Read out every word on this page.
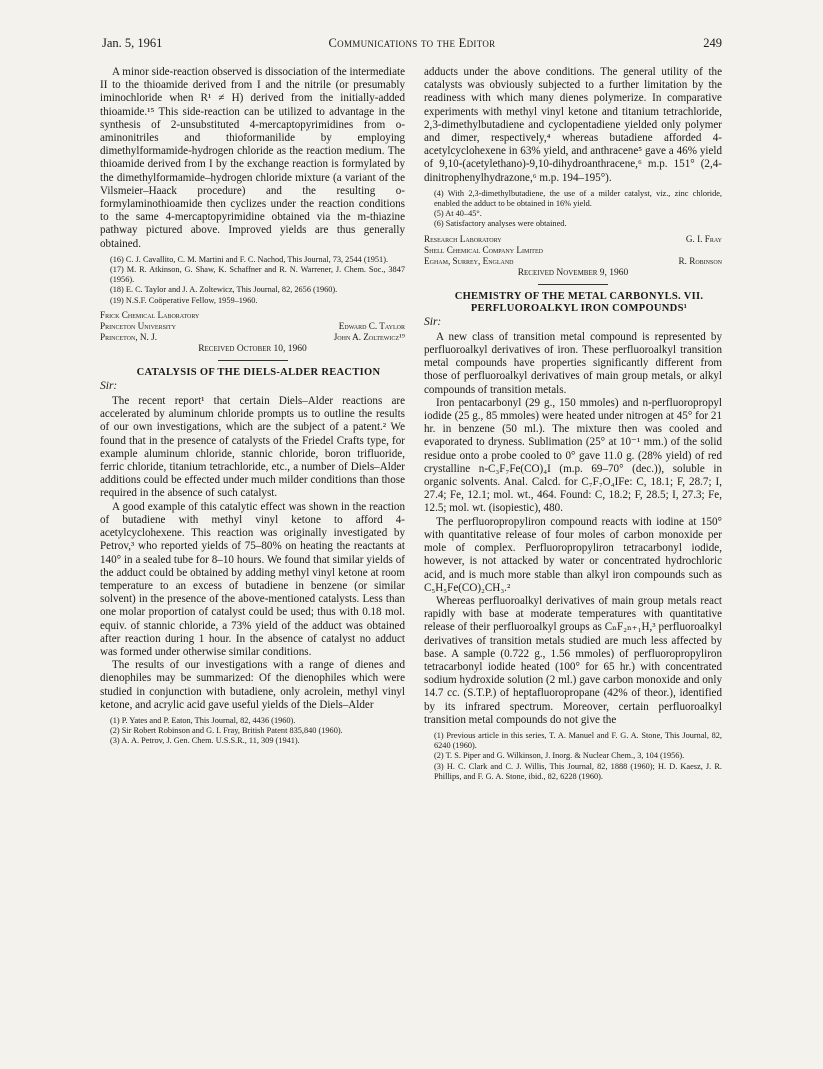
Jan. 5, 1961	Communications to the Editor	249

A minor side-reaction observed is dissociation of the intermediate II to the thioamide derived from I and the nitrile (or presumably iminochloride when R¹ ≠ H) derived from the initially-added thioamide.¹⁵ This side-reaction can be utilized to advantage in the synthesis of 2-unsubstituted 4-mercaptopyrimidines from o-aminonitriles and thioformanilide by employing dimethylformamide-hydrogen chloride as the reaction medium. The thioamide derived from I by the exchange reaction is formylated by the dimethylformamide–hydrogen chloride mixture (a variant of the Vilsmeier–Haack procedure) and the resulting o-formylaminothioamide then cyclizes under the reaction conditions to the same 4-mercaptopyrimidine obtained via the m-thiazine pathway pictured above. Improved yields are thus generally obtained.

(16) C. J. Cavallito, C. M. Martini and F. C. Nachod, This Journal, 73, 2544 (1951).

(17) M. R. Atkinson, G. Shaw, K. Schaffner and R. N. Warrener, J. Chem. Soc., 3847 (1956).

(18) E. C. Taylor and J. A. Zoltewicz, This Journal, 82, 2656 (1960).

(19) N.S.F. Coöperative Fellow, 1959–1960.

Frick Chemical Laboratory
Princeton University	Edward C. Taylor
Princeton, N. J.	John A. Zoltewicz¹⁹
Received October 10, 1960

CATALYSIS OF THE DIELS-ALDER REACTION

Sir:

The recent report¹ that certain Diels–Alder reactions are accelerated by aluminum chloride prompts us to outline the results of our own investigations, which are the subject of a patent.² We found that in the presence of catalysts of the Friedel Crafts type, for example aluminum chloride, stannic chloride, boron trifluoride, ferric chloride, titanium tetrachloride, etc., a number of Diels–Alder additions could be effected under much milder conditions than those required in the absence of such catalyst.

A good example of this catalytic effect was shown in the reaction of butadiene with methyl vinyl ketone to afford 4-acetylcyclohexene. This reaction was originally investigated by Petrov,³ who reported yields of 75–80% on heating the reactants at 140° in a sealed tube for 8–10 hours. We found that similar yields of the adduct could be obtained by adding methyl vinyl ketone at room temperature to an excess of butadiene in benzene (or similar solvent) in the presence of the above-mentioned catalysts. Less than one molar proportion of catalyst could be used; thus with 0.18 mol. equiv. of stannic chloride, a 73% yield of the adduct was obtained after reaction during 1 hour. In the absence of catalyst no adduct was formed under otherwise similar conditions.

The results of our investigations with a range of dienes and dienophiles may be summarized: Of the dienophiles which were studied in conjunction with butadiene, only acrolein, methyl vinyl ketone, and acrylic acid gave useful yields of the Diels–Alder

(1) P. Yates and P. Eaton, This Journal, 82, 4436 (1960).

(2) Sir Robert Robinson and G. I. Fray, British Patent 835,840 (1960).

(3) A. A. Petrov, J. Gen. Chem. U.S.S.R., 11, 309 (1941).

adducts under the above conditions. The general utility of the catalysts was obviously subjected to a further limitation by the readiness with which many dienes polymerize. In comparative experiments with methyl vinyl ketone and titanium tetrachloride, 2,3-dimethylbutadiene and cyclopentadiene yielded only polymer and dimer, respectively,⁴ whereas butadiene afforded 4-acetylcyclohexene in 63% yield, and anthracene⁵ gave a 46% yield of 9,10-(acetylethano)-9,10-dihydroanthracene,⁶ m.p. 151° (2,4-dinitrophenylhydrazone,⁶ m.p. 194–195°).

(4) With 2,3-dimethylbutadiene, the use of a milder catalyst, viz., zinc chloride, enabled the adduct to be obtained in 16% yield.

(5) At 40–45°.

(6) Satisfactory analyses were obtained.

Research Laboratory	G. I. Fray
Shell Chemical Company Limited
Egham, Surrey, England	R. Robinson
Received November 9, 1960

CHEMISTRY OF THE METAL CARBONYLS. VII.

PERFLUOROALKYL IRON COMPOUNDS¹

Sir:

A new class of transition metal compound is represented by perfluoroalkyl derivatives of iron. These perfluoroalkyl transition metal compounds have properties significantly different from those of perfluoroalkyl derivatives of main group metals, or alkyl compounds of transition metals.

Iron pentacarbonyl (29 g., 150 mmoles) and n-perfluoropropyl iodide (25 g., 85 mmoles) were heated under nitrogen at 45° for 21 hr. in benzene (50 ml.). The mixture then was cooled and evaporated to dryness. Sublimation (25° at 10⁻¹ mm.) of the solid residue onto a probe cooled to 0° gave 11.0 g. (28% yield) of red crystalline n-C₃F₇Fe(CO)₄I (m.p. 69–70° (dec.)), soluble in organic solvents. Anal. Calcd. for C₇F₇O₄IFe: C, 18.1; F, 28.7; I, 27.4; Fe, 12.1; mol. wt., 464. Found: C, 18.2; F, 28.5; I, 27.3; Fe, 12.5; mol. wt. (isopiestic), 480.

The perfluoropropyliron compound reacts with iodine at 150° with quantitative release of four moles of carbon monoxide per mole of complex. Perfluoropropyliron tetracarbonyl iodide, however, is not attacked by water or concentrated hydrochloric acid, and is much more stable than alkyl iron compounds such as C₅H₅Fe(CO)₂CH₃.²

Whereas perfluoroalkyl derivatives of main group metals react rapidly with base at moderate temperatures with quantitative release of their perfluoroalkyl groups as CₙF₂ₙ₊₁H,³ perfluoroalkyl derivatives of transition metals studied are much less affected by base. A sample (0.722 g., 1.56 mmoles) of perfluoropropyliron tetracarbonyl iodide heated (100° for 65 hr.) with concentrated sodium hydroxide solution (2 ml.) gave carbon monoxide and only 14.7 cc. (S.T.P.) of heptafluoropropane (42% of theor.), identified by its infrared spectrum. Moreover, certain perfluoroalkyl transition metal compounds do not give the

(1) Previous article in this series, T. A. Manuel and F. G. A. Stone, This Journal, 82, 6240 (1960).

(2) T. S. Piper and G. Wilkinson, J. Inorg. & Nuclear Chem., 3, 104 (1956).

(3) H. C. Clark and C. J. Willis, This Journal, 82, 1888 (1960); H. D. Kaesz, J. R. Phillips, and F. G. A. Stone, ibid., 82, 6228 (1960).
